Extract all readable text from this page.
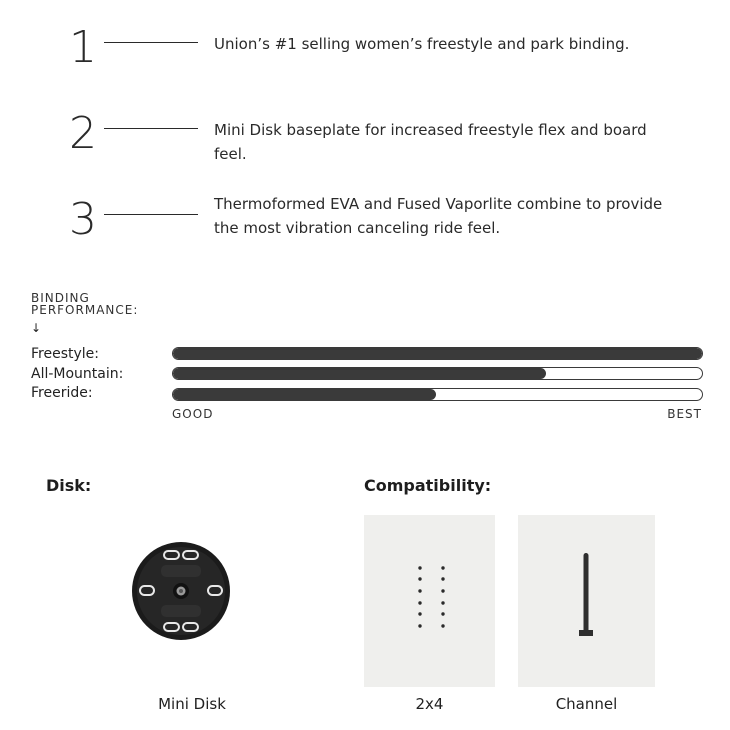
1	Union’s #1 selling women’s freestyle and park binding.
2	Mini Disk baseplate for increased freestyle flex and board feel.
3	Thermoformed EVA and Fused Vaporlite combine to provide the most vibration canceling ride feel.
BINDING
PERFORMANCE:
↓
Freestyle:
All-Mountain:
Freeride:
GOOD	BEST
Disk:
Mini Disk
Compatibility:
2x4	Channel
